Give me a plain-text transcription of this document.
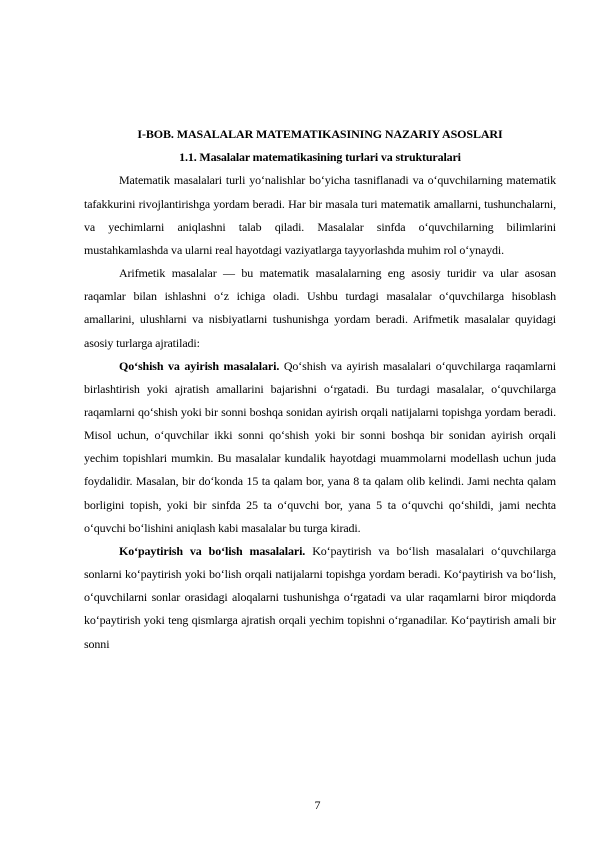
I-BOB. MASALALAR MATEMATIKASINING NAZARIY ASOSLARI
1.1. Masalalar matematikasining turlari va strukturalari

Matematik masalalari turli yo‘nalishlar bo‘yicha tasniflanadi va o‘quvchilarning matematik tafakkurini rivojlantirishga yordam beradi. Har bir masala turi matematik amallarni, tushunchalarni, va yechimlarni aniqlashni talab qiladi. Masalalar sinfda o‘quvchilarning bilimlarini mustahkamlashda va ularni real hayotdagi vaziyatlarga tayyorlashda muhim rol o‘ynaydi.

Arifmetik masalalar — bu matematik masalalarning eng asosiy turidir va ular asosan raqamlar bilan ishlashni o‘z ichiga oladi. Ushbu turdagi masalalar o‘quvchilarga hisoblash amallarini, ulushlarni va nisbiyatlarni tushunishga yordam beradi. Arifmetik masalalar quyidagi asosiy turlarga ajratiladi:

Qo‘shish va ayirish masalalari. Qo‘shish va ayirish masalalari o‘quvchilarga raqamlarni birlashtirish yoki ajratish amallarini bajarishni o‘rgatadi. Bu turdagi masalalar, o‘quvchilarga raqamlarni qo‘shish yoki bir sonni boshqa sonidan ayirish orqali natijalarni topishga yordam beradi. Misol uchun, o‘quvchilar ikki sonni qo‘shish yoki bir sonni boshqa bir sonidan ayirish orqali yechim topishlari mumkin. Bu masalalar kundalik hayotdagi muammolarni modellash uchun juda foydalidir. Masalan, bir do‘konda 15 ta qalam bor, yana 8 ta qalam olib kelindi. Jami nechta qalam borligini topish, yoki bir sinfda 25 ta o‘quvchi bor, yana 5 ta o‘quvchi qo‘shildi, jami nechta o‘quvchi bo‘lishini aniqlash kabi masalalar bu turga kiradi.

Ko‘paytirish va bo‘lish masalalari. Ko‘paytirish va bo‘lish masalalari o‘quvchilarga sonlarni ko‘paytirish yoki bo‘lish orqali natijalarni topishga yordam beradi. Ko‘paytirish va bo‘lish, o‘quvchilarni sonlar orasidagi aloqalarni tushunishga o‘rgatadi va ular raqamlarni biror miqdorda ko‘paytirish yoki teng qismlarga ajratish orqali yechim topishni o‘rganadilar. Ko‘paytirish amali bir sonni

7
